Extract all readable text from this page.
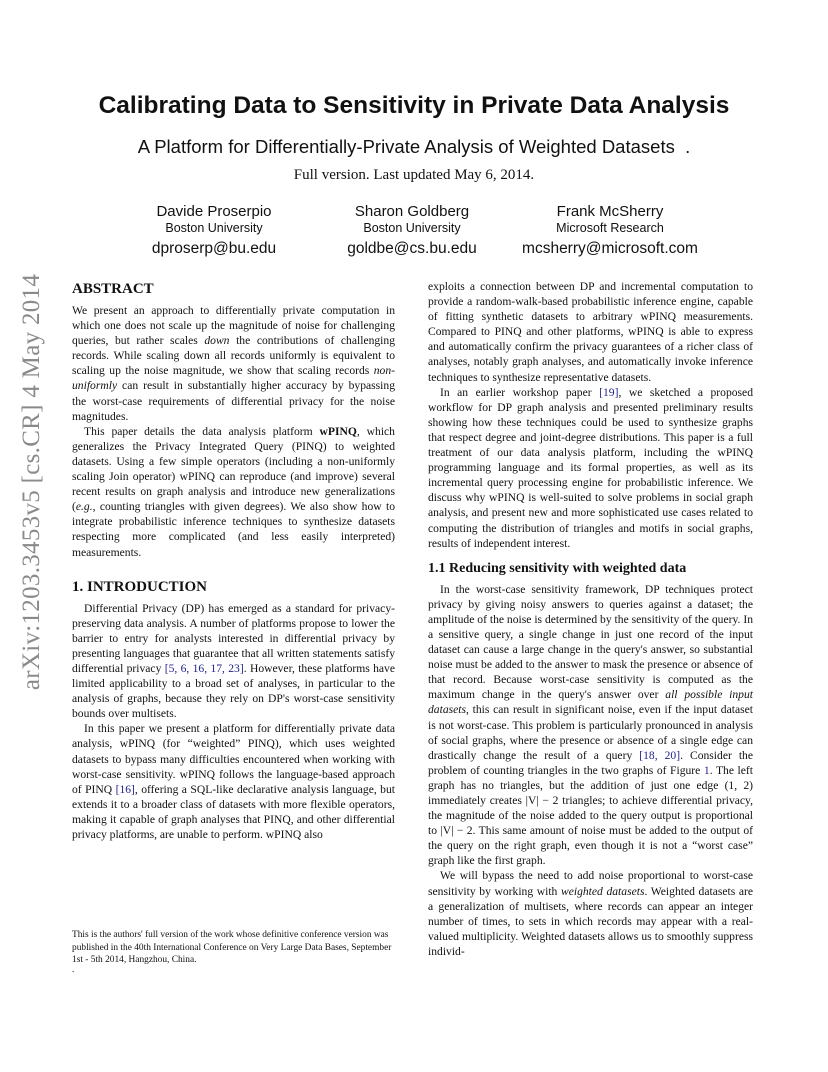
arXiv:1203.3453v5 [cs.CR] 4 May 2014
Calibrating Data to Sensitivity in Private Data Analysis
A Platform for Differentially-Private Analysis of Weighted Datasets .
Full version. Last updated May 6, 2014.
Davide Proserpio
Boston University
dproserp@bu.edu
Sharon Goldberg
Boston University
goldbe@cs.bu.edu
Frank McSherry
Microsoft Research
mcsherry@microsoft.com
ABSTRACT

We present an approach to differentially private computation in which one does not scale up the magnitude of noise for challenging queries, but rather scales down the contributions of challenging records. While scaling down all records uniformly is equivalent to scaling up the noise magnitude, we show that scaling records non-uniformly can result in substantially higher accuracy by bypassing the worst-case requirements of differential privacy for the noise magnitudes.

This paper details the data analysis platform wPINQ, which generalizes the Privacy Integrated Query (PINQ) to weighted datasets. Using a few simple operators (including a non-uniformly scaling Join operator) wPINQ can reproduce (and improve) several recent results on graph analysis and introduce new generalizations (e.g., counting triangles with given degrees). We also show how to integrate probabilistic inference techniques to synthesize datasets respecting more complicated (and less easily interpreted) measurements.

1. INTRODUCTION

Differential Privacy (DP) has emerged as a standard for privacy-preserving data analysis. A number of platforms propose to lower the barrier to entry for analysts interested in differential privacy by presenting languages that guarantee that all written statements satisfy differential privacy [5, 6, 16, 17, 23]. However, these platforms have limited applicability to a broad set of analyses, in particular to the analysis of graphs, because they rely on DP's worst-case sensitivity bounds over multisets.

In this paper we present a platform for differentially private data analysis, wPINQ (for “weighted” PINQ), which uses weighted datasets to bypass many difficulties encountered when working with worst-case sensitivity. wPINQ follows the language-based approach of PINQ [16], offering a SQL-like declarative analysis language, but extends it to a broader class of datasets with more flexible operators, making it capable of graph analyses that PINQ, and other differential privacy platforms, are unable to perform. wPINQ also

exploits a connection between DP and incremental computation to provide a random-walk-based probabilistic inference engine, capable of fitting synthetic datasets to arbitrary wPINQ measurements. Compared to PINQ and other platforms, wPINQ is able to express and automatically confirm the privacy guarantees of a richer class of analyses, notably graph analyses, and automatically invoke inference techniques to synthesize representative datasets.

In an earlier workshop paper [19], we sketched a proposed workflow for DP graph analysis and presented preliminary results showing how these techniques could be used to synthesize graphs that respect degree and joint-degree distributions. This paper is a full treatment of our data analysis platform, including the wPINQ programming language and its formal properties, as well as its incremental query processing engine for probabilistic inference. We discuss why wPINQ is well-suited to solve problems in social graph analysis, and present new and more sophisticated use cases related to computing the distribution of triangles and motifs in social graphs, results of independent interest.

1.1 Reducing sensitivity with weighted data

In the worst-case sensitivity framework, DP techniques protect privacy by giving noisy answers to queries against a dataset; the amplitude of the noise is determined by the sensitivity of the query. In a sensitive query, a single change in just one record of the input dataset can cause a large change in the query's answer, so substantial noise must be added to the answer to mask the presence or absence of that record. Because worst-case sensitivity is computed as the maximum change in the query's answer over all possible input datasets, this can result in significant noise, even if the input dataset is not worst-case. This problem is particularly pronounced in analysis of social graphs, where the presence or absence of a single edge can drastically change the result of a query [18, 20]. Consider the problem of counting triangles in the two graphs of Figure 1. The left graph has no triangles, but the addition of just one edge (1, 2) immediately creates |V| − 2 triangles; to achieve differential privacy, the magnitude of the noise added to the query output is proportional to |V| − 2. This same amount of noise must be added to the output of the query on the right graph, even though it is not a “worst case” graph like the first graph.

We will bypass the need to add noise proportional to worst-case sensitivity by working with weighted datasets. Weighted datasets are a generalization of multisets, where records can appear an integer number of times, to sets in which records may appear with a real-valued multiplicity. Weighted datasets allows us to smoothly suppress individ-

This is the authors' full version of the work whose definitive conference version was published in the 40th International Conference on Very Large Data Bases, September 1st - 5th 2014, Hangzhou, China.
.
